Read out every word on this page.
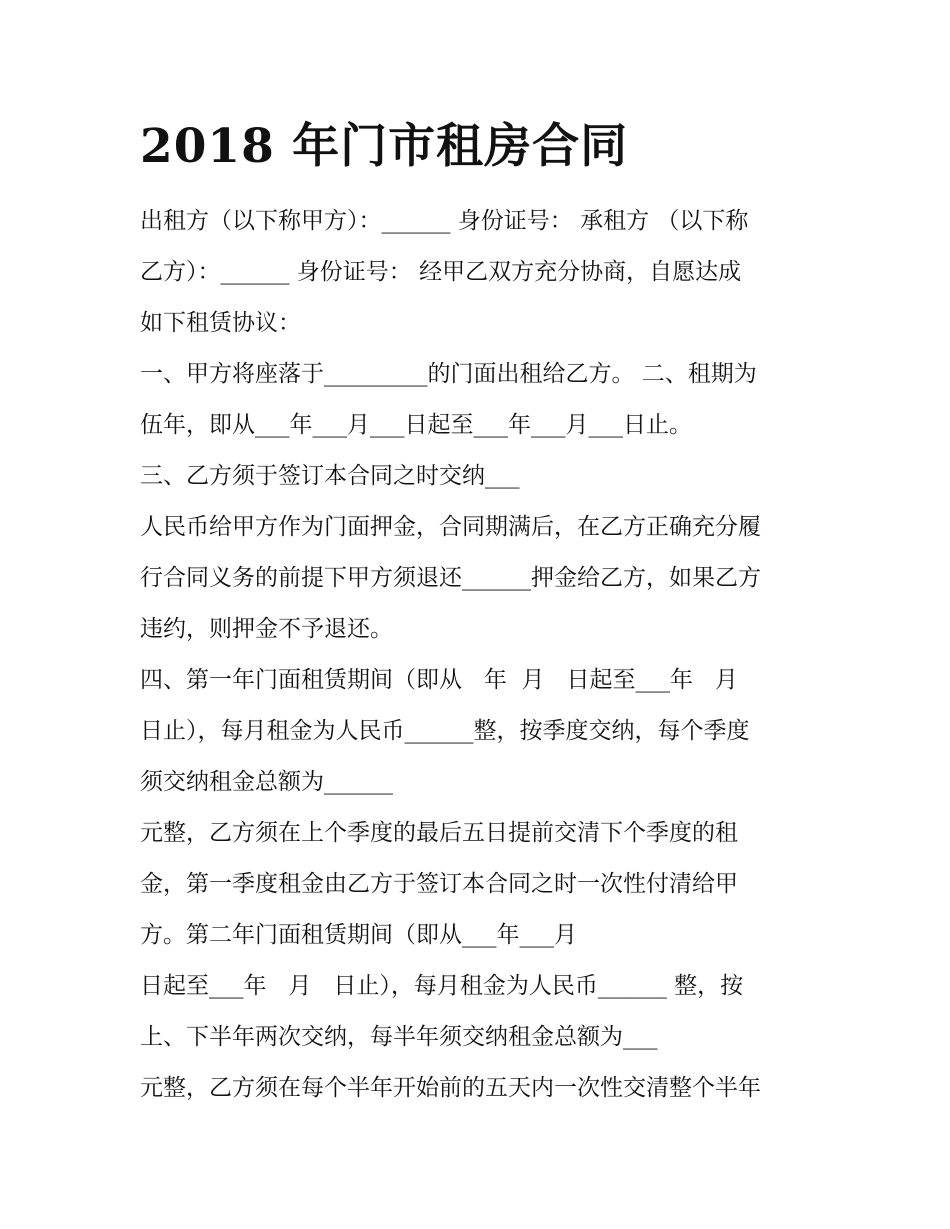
2018 年门市租房合同
出租方（以下称甲方）：______ 身份证号： 承租方 （以下称
乙方）：______ 身份证号： 经甲乙双方充分协商，自愿达成
如下租赁协议：
一、甲方将座落于_________的门面出租给乙方。 二、租期为
伍年，即从___年___月___日起至___年___月___日止。
三、乙方须于签订本合同之时交纳___
人民币给甲方作为门面押金，合同期满后，在乙方正确充分履
行合同义务的前提下甲方须退还______押金给乙方，如果乙方
违约，则押金不予退还。
四、第一年门面租赁期间（即从   年  月   日起至___年   月
日止），每月租金为人民币______整，按季度交纳，每个季度
须交纳租金总额为______
元整，乙方须在上个季度的最后五日提前交清下个季度的租
金，第一季度租金由乙方于签订本合同之时一次性付清给甲
方。第二年门面租赁期间（即从___年___月
日起至___年   月   日止），每月租金为人民币______ 整，按
上、下半年两次交纳，每半年须交纳租金总额为___
元整，乙方须在每个半年开始前的五天内一次性交清整个半年
